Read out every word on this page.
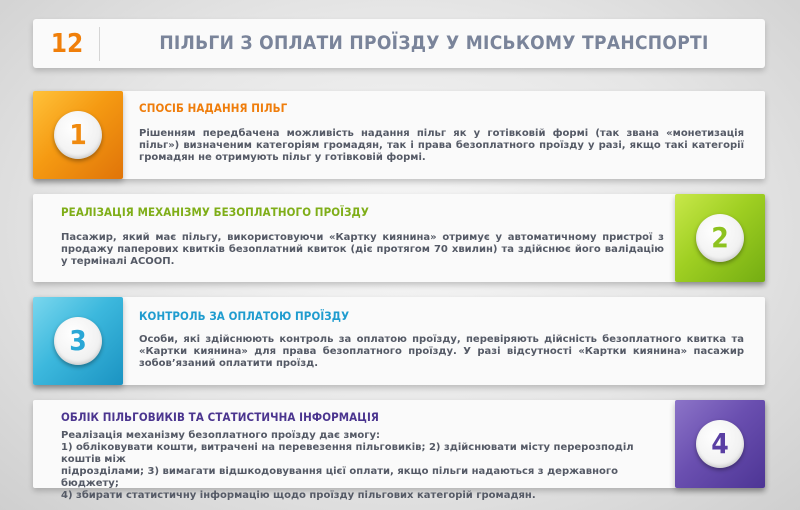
12	ПІЛЬГИ З ОПЛАТИ ПРОЇЗДУ У МІСЬКОМУ ТРАНСПОРТІ
1
СПОСІБ НАДАННЯ ПІЛЬГ
Рішенням передбачена можливість надання пільг як у готівковій формі (так звана «монетизація пільг») визначеним категоріям громадян, так і права безоплатного проїзду у разі, якщо такі категорії громадян не отримують пільг у готівковій формі.
2
РЕАЛІЗАЦІЯ МЕХАНІЗМУ БЕЗОПЛАТНОГО ПРОЇЗДУ
Пасажир, який має пільгу, використовуючи «Картку киянина» отримує у автоматичному пристрої з продажу паперових квитків безоплатний квиток (діє протягом 70 хвилин) та здійснює його валідацію у терміналі АСООП.
3
КОНТРОЛЬ ЗА ОПЛАТОЮ ПРОЇЗДУ
Особи, які здійснюють контроль за оплатою проїзду, перевіряють дійсність безоплатного квитка та «Картки киянина» для права безоплатного проїзду. У разі відсутності «Картки киянина» пасажир зобов’язаний оплатити проїзд.
4
ОБЛІК ПІЛЬГОВИКІВ ТА СТАТИСТИЧНА ІНФОРМАЦІЯ
Реалізація механізму безоплатного проїзду дає змогу:
1) обліковувати кошти, витрачені на перевезення пільговиків; 2) здійснювати місту перерозподіл коштів між
підрозділами; 3) вимагати відшкодовування цієї оплати, якщо пільги надаються з державного бюджету;
4) збирати статистичну інформацію щодо проїзду пільгових категорій громадян.
